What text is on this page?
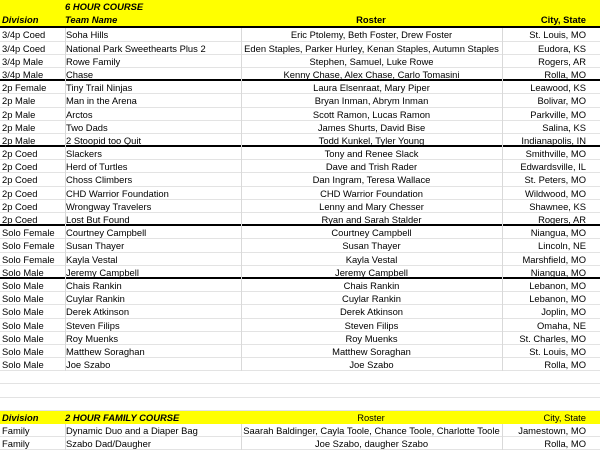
6 HOUR COURSE
Division	Team Name	Roster	City, State
3/4p Coed	Soha Hills	Eric Ptolemy, Beth Foster, Drew Foster	St. Louis, MO
3/4p Coed	National Park Sweethearts Plus 2	Eden Staples, Parker Hurley, Kenan Staples, Autumn Staples	Eudora, KS
3/4p Male	Rowe Family	Stephen, Samuel, Luke Rowe	Rogers, AR
3/4p Male	Chase	Kenny Chase, Alex Chase, Carlo Tomasini	Rolla, MO
2p Female	Tiny Trail Ninjas	Laura Elsenraat, Mary Piper	Leawood, KS
2p Male	Man in the Arena	Bryan Inman, Abrym Inman	Bolivar, MO
2p Male	Arctos	Scott Ramon, Lucas Ramon	Parkville, MO
2p Male	Two Dads	James Shurts, David Bise	Salina, KS
2p Male	2 Stoopid too Quit	Todd Kunkel, Tyler Young	Indianapolis, IN
2p Coed	Slackers	Tony and Renee Slack	Smithville, MO
2p Coed	Herd of Turtles	Dave and Trish Rader	Edwardsville, IL
2p Coed	Choss Climbers	Dan Ingram, Teresa Wallace	St. Peters, MO
2p Coed	CHD Warrior Foundation	CHD Warrior Foundation	Wildwood, MO
2p Coed	Wrongway Travelers	Lenny and Mary Chesser	Shawnee, KS
2p Coed	Lost But Found	Ryan and Sarah Stalder	Rogers, AR
Solo Female	Courtney Campbell	Courtney Campbell	Niangua, MO
Solo Female	Susan Thayer	Susan Thayer	Lincoln, NE
Solo Female	Kayla Vestal	Kayla Vestal	Marshfield, MO
Solo Male	Jeremy Campbell	Jeremy Campbell	Niangua, MO
Solo Male	Chais Rankin	Chais Rankin	Lebanon, MO
Solo Male	Cuylar Rankin	Cuylar Rankin	Lebanon, MO
Solo Male	Derek Atkinson	Derek Atkinson	Joplin, MO
Solo Male	Steven Filips	Steven Filips	Omaha, NE
Solo Male	Roy Muenks	Roy Muenks	St. Charles, MO
Solo Male	Matthew Soraghan	Matthew Soraghan	St. Louis, MO
Solo Male	Joe Szabo	Joe Szabo	Rolla, MO
Division	2 HOUR FAMILY COURSE	Roster	City, State
Family	Dynamic Duo and a Diaper Bag	Saarah Baldinger, Cayla Toole, Chance Toole, Charlotte Toole	Jamestown, MO
Family	Szabo Dad/Daugher	Joe Szabo, daugher Szabo	Rolla, MO
